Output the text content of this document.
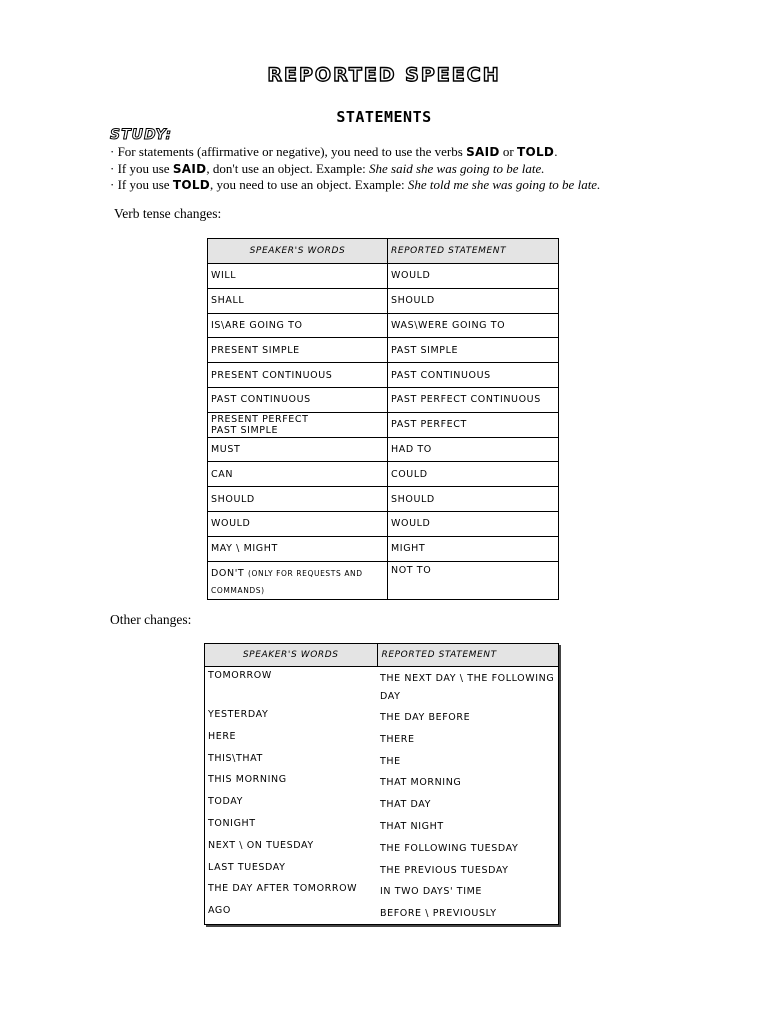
REPORTED SPEECH
STATEMENTS
STUDY:
· For statements (affirmative or negative), you need to use the verbs SAID or TOLD.
· If you use SAID, don't use an object. Example: She said she was going to be late.
· If you use TOLD, you need to use an object. Example: She told me she was going to be late.
Verb tense changes:
SPEAKER'S WORDS	REPORTED STATEMENT
WILL	WOULD
SHALL	SHOULD
IS\ARE GOING TO	WAS\WERE GOING TO
PRESENT SIMPLE	PAST SIMPLE
PRESENT CONTINUOUS	PAST CONTINUOUS
PAST CONTINUOUS	PAST PERFECT CONTINUOUS
PRESENT PERFECT
PAST SIMPLE	PAST PERFECT
MUST	HAD TO
CAN	COULD
SHOULD	SHOULD
WOULD	WOULD
MAY \ MIGHT	MIGHT
DON'T (ONLY FOR REQUESTS AND COMMANDS)	NOT TO
Other changes:
SPEAKER'S WORDS	REPORTED STATEMENT
TOMORROW	THE NEXT DAY \ THE FOLLOWING DAY
YESTERDAY	THE DAY BEFORE
HERE	THERE
THIS\THAT	THE
THIS MORNING	THAT MORNING
TODAY	THAT DAY
TONIGHT	THAT NIGHT
NEXT \ ON TUESDAY	THE FOLLOWING TUESDAY
LAST TUESDAY	THE PREVIOUS TUESDAY
THE DAY AFTER TOMORROW	IN TWO DAYS' TIME
AGO	BEFORE \ PREVIOUSLY
